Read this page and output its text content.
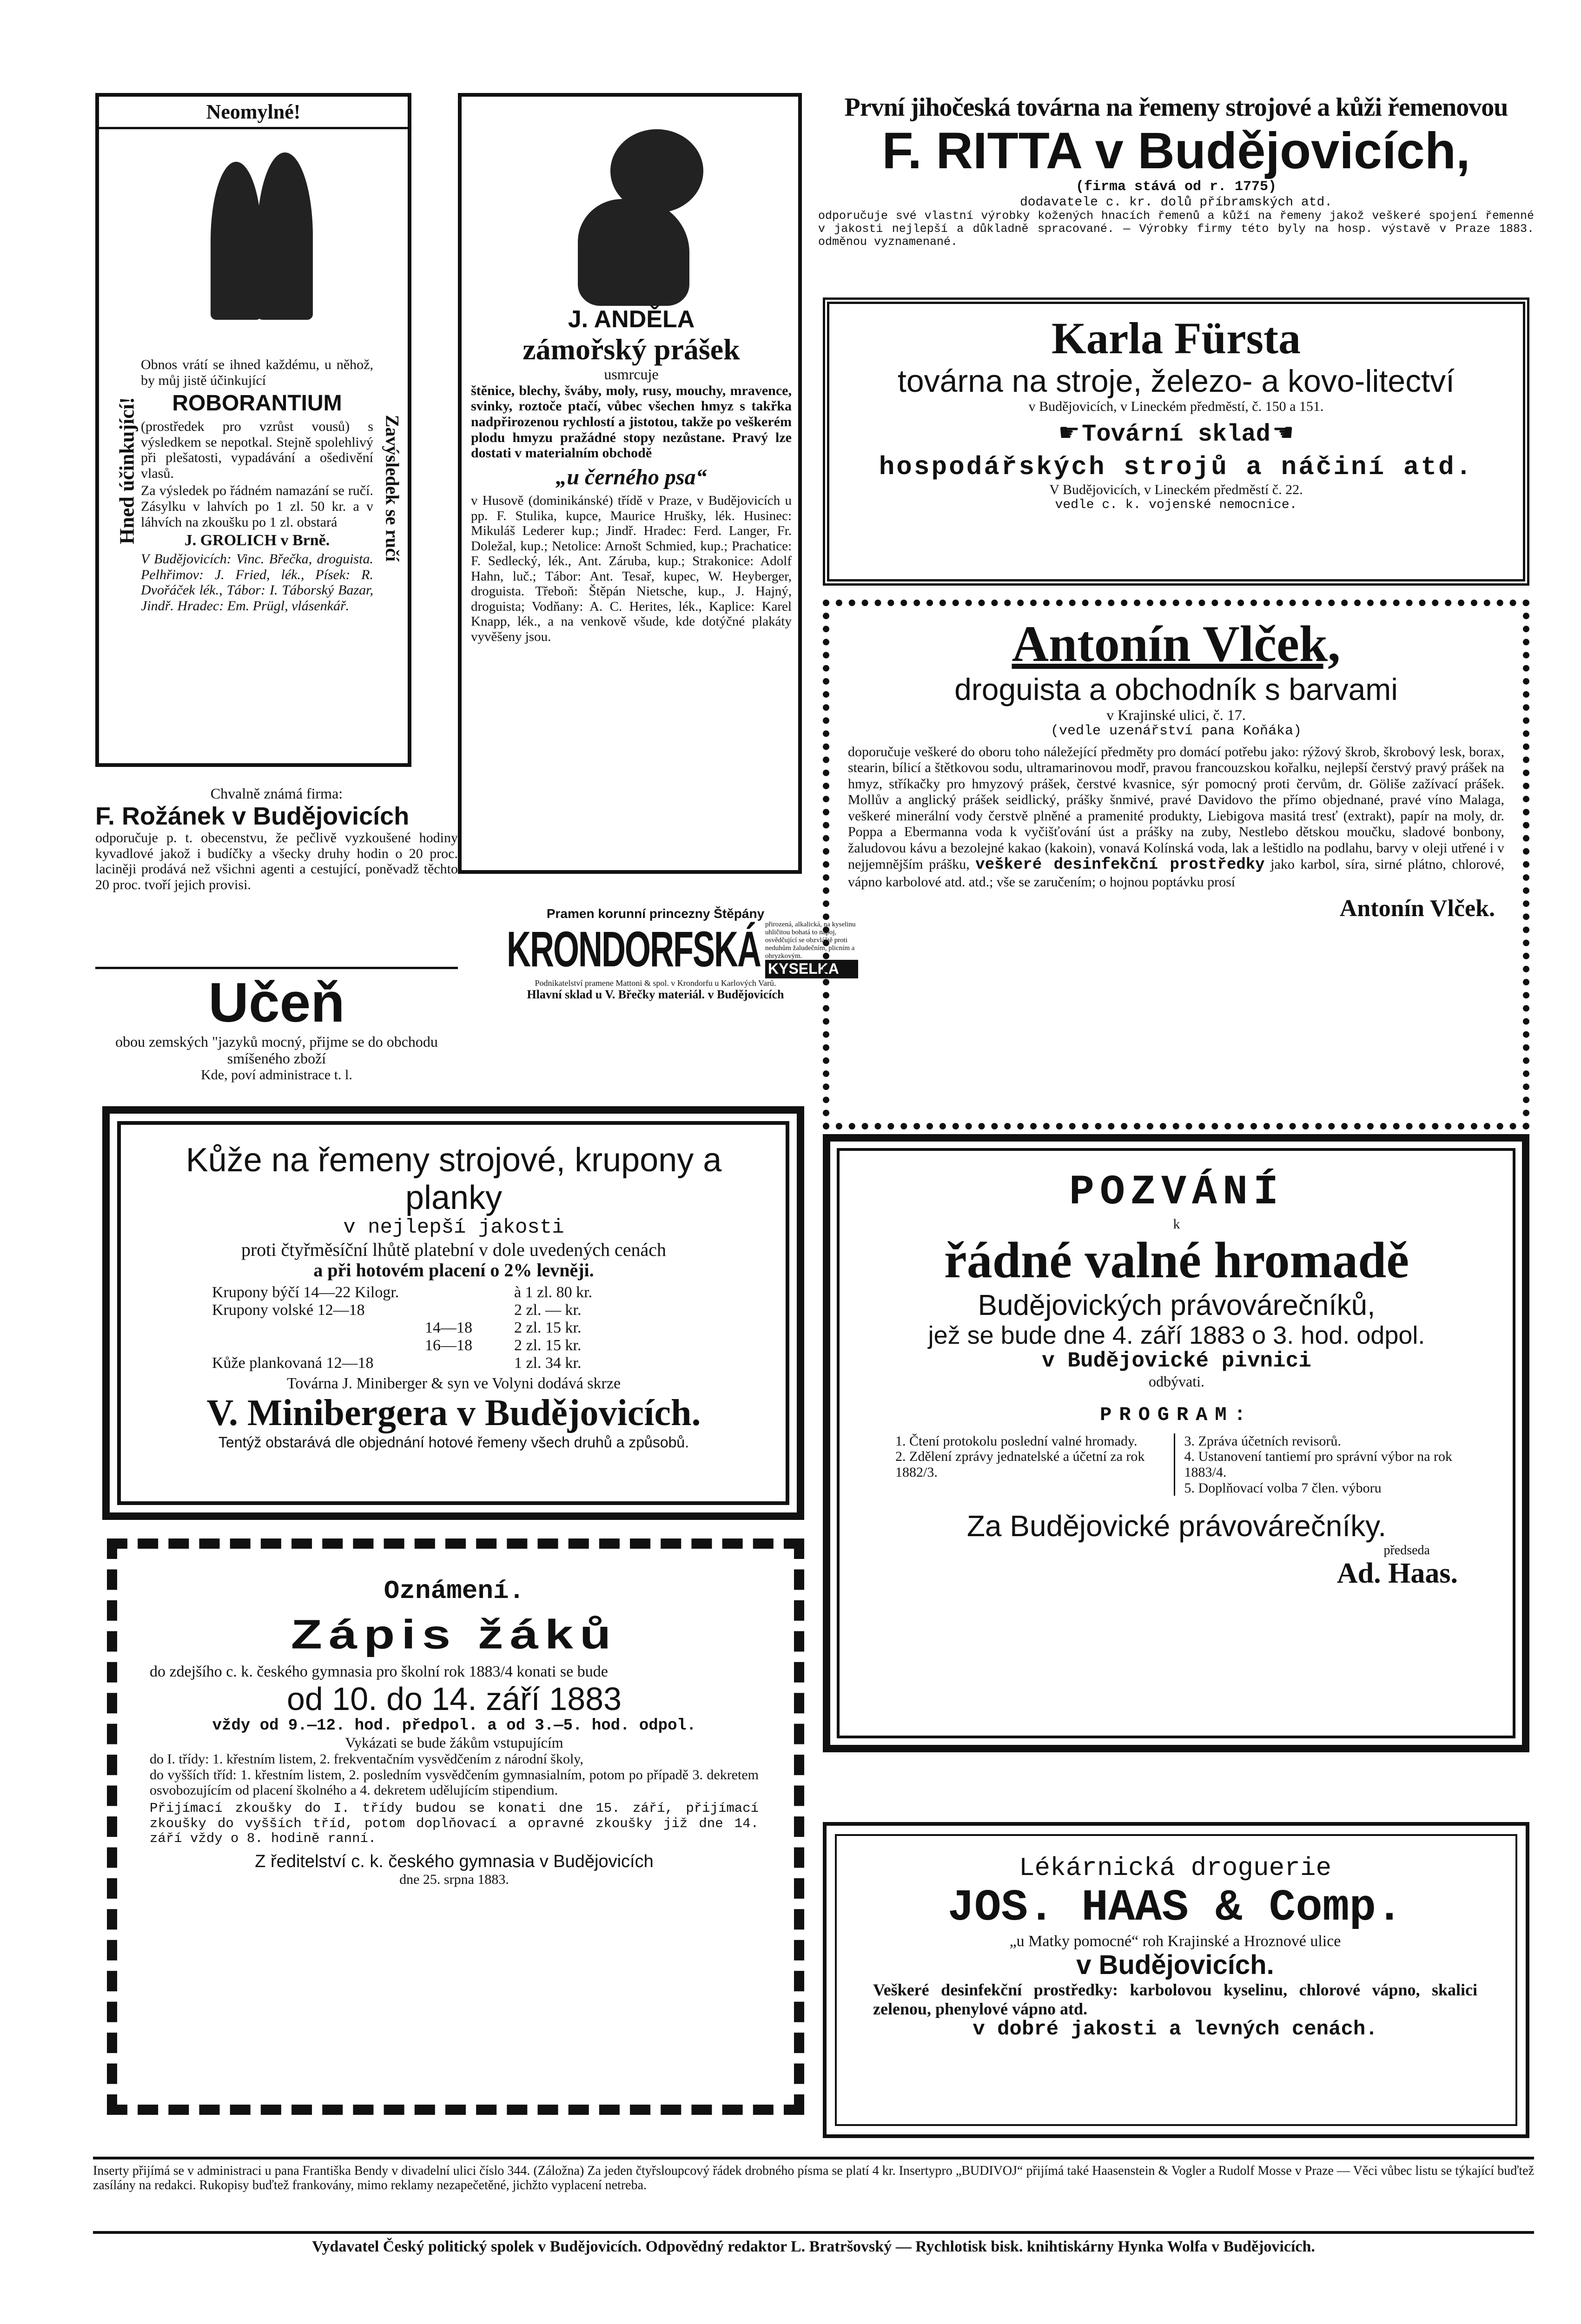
Neomylné!
Hned účinkující!	Zavýsledek se ručí
Obnos vrátí se ihned každému, u něhož, by můj jistě účinkující
ROBORANTIUM
(prostředek pro vzrůst vousů) s výsledkem se nepotkal. Stejně spolehlivý při plešatosti, vypadávání a ošedivění vlasů.
Za výsledek po řádném namazání se ručí. Zásylku v lahvích po 1 zl. 50 kr. a v láhvích na zkoušku po 1 zl. obstará
J. GROLICH v Brně.
V Budějovicích: Vinc. Břečka, droguista. Pelhřimov: J. Fried, lék., Písek: R. Dvořáček lék., Tábor: I. Táborský Bazar, Jindř. Hradec: Em. Prügl, vlásenkář.
Chvalně známá firma:
F. Rožánek v Budějovicích
odporučuje p. t. obecenstvu, že pečlivě vyzkoušené hodiny kyvadlové jakož i budíčky a všecky druhy hodin o 20 proc. laciněji prodává než všichni agenti a cestující, poněvadž těchto 20 proc. tvoří jejich provisi.
Učeň
obou zemských "jazyků mocný, přijme se do obchodu smíšeného zboží
Kde, poví administrace t. l.
J. ANDĚLA
zámořský prášek
usmrcuje
štěnice, blechy, šváby, moly, rusy, mouchy, mravence, svinky, roztoče ptačí, vůbec všechen hmyz s takřka nadpřirozenou rychlostí a jistotou, takže po veškerém plodu hmyzu pražádné stopy nezůstane. Pravý lze dostati v materialním obchodě
„u černého psa“
v Husově (dominikánské) třídě v Praze, v Budějovicích u pp. F. Stulika, kupce, Maurice Hrušky, lék. Husinec: Mikuláš Lederer kup.; Jindř. Hradec: Ferd. Langer, Fr. Doležal, kup.; Netolice: Arnošt Schmied, kup.; Prachatice: F. Sedlecký, lék., Ant. Záruba, kup.; Strakonice: Adolf Hahn, luč.; Tábor: Ant. Tesař, kupec, W. Heyberger, droguista. Třeboň: Štěpán Nietsche, kup., J. Hajný, droguista; Vodňany: A. C. Herites, lék., Kaplice: Karel Knapp, lék., a na venkově všude, kde dotýčné plakáty vyvěšeny jsou.
Pramen korunní princezny Štěpány
KRONDORFSKÁ přirozená, alkalická, na kyselinu uhličitou bohatá to nápoj, osvědčující se obzvláště proti neduhům žaludečním, plicním a ohryzkovým.
KYSELKA
Podnikatelství pramene Mattoni & spol. v Krondorfu u Karlových Varů.
Hlavní sklad u V. Břečky materiál. v Budějovicích
První jihočeská továrna na řemeny strojové a kůži řemenovou
F. RITTA v Budějovicích,
(firma stává od r. 1775)
dodavatele c. kr. dolů příbramských atd.
odporučuje své vlastní výrobky kožených hnacích řemenů a kůží na řemeny jakož veškeré spojení řemenné v jakosti nejlepší a důkladně spracované. — Výrobky firmy této byly na hosp. výstavě v Praze 1883. odměnou vyznamenané.
Karla Fürsta
továrna na stroje, železo- a kovo-litectví
v Budějovicích, v Lineckém předměstí, č. 150 a 151.
☛ Tovární sklad ☚
hospodářských strojů a náčiní atd.
V Budějovicích, v Lineckém předměstí č. 22.
vedle c. k. vojenské nemocnice.
Antonín Vlček,
droguista a obchodník s barvami
v Krajinské ulici, č. 17.
(vedle uzenářství pana Koňáka)
doporučuje veškeré do oboru toho náležející předměty pro domácí potřebu jako: rýžový škrob, škrobový lesk, borax, stearin, bílicí a štětkovou sodu, ultramarinovou modř, pravou francouzskou kořalku, nejlepší čerstvý pravý prášek na hmyz, stříkačky pro hmyzový prášek, čerstvé kvasnice, sýr pomocný proti červům, dr. Göliše zažívací prášek. Mollův a anglický prášek seidlický, prášky šnmivé, pravé Davidovo the přímo objednané, pravé víno Malaga, veškeré minerální vody čerstvě plněné a pramenité produkty, Liebigova masitá tresť (extrakt), papír na moly, dr. Poppa a Ebermanna voda k vyčišťování úst a prášky na zuby, Nestlebo dětskou moučku, sladové bonbony, žaludovou kávu a bezolejné kakao (kakoin), vonavá Kolínská voda, lak a leštidlo na podlahu, barvy v oleji utřené i v nejjemnějším prášku, veškeré desinfekční prostředky jako karbol, síra, sirné plátno, chlorové, vápno karbolové atd. atd.; vše se zaručením; o hojnou poptávku prosí
Antonín Vlček.
Kůže na řemeny strojové, krupony a planky
v nejlepší jakosti
proti čtyřměsíční lhůtě platební v dole uvedených cenách
a při hotovém placení o 2% levněji.
Krupony býčí 14—22 Kilogr.	à 1 zl. 80 kr.
Krupony volské 12—18	2 zl. — kr.
14—18	2 zl. 15 kr.
16—18	2 zl. 15 kr.
Kůže plankovaná 12—18	1 zl. 34 kr.
Továrna J. Miniberger & syn ve Volyni dodává skrze
V. Minibergera v Budějovicích.
Tentýž obstarává dle objednání hotové řemeny všech druhů a způsobů.
POZVÁNÍ
k
řádné valné hromadě
Budějovických právovárečníků,
jež se bude dne 4. září 1883 o 3. hod. odpol.
v Budějovické pivnici
odbývati.
PROGRAM:
1. Čtení protokolu poslední valné hromady.
2. Zdělení zprávy jednatelské a účetní za rok 1882/3.
3. Zpráva účetních revisorů.
4. Ustanovení tantiemí pro správní výbor na rok 1883/4.
5. Doplňovací volba 7 člen. výboru
Za Budějovické právovárečníky.
předseda
Ad. Haas.
Oznámení.
Zápis žáků
do zdejšího c. k. českého gymnasia pro školní rok 1883/4 konati se bude
od 10. do 14. září 1883
vždy od 9.—12. hod. předpol. a od 3.—5. hod. odpol.
Vykázati se bude žákům vstupujícím
do I. třídy: 1. křestním listem, 2. frekventačním vysvědčením z národní školy,
do vyšších tříd: 1. křestním listem, 2. posledním vysvědčením gymnasialním, potom po případě 3. dekretem osvobozujícím od placení školného a 4. dekretem udělujícím stipendium.
Přijímací zkoušky do I. třídy budou se konati dne 15. září, přijímací zkoušky do vyšších tříd, potom doplňovací a opravné zkoušky již dne 14. září vždy o 8. hodině ranní.
Z ředitelství c. k. českého gymnasia v Budějovicích
dne 25. srpna 1883.	Lékárnická droguerie
JOS. HAAS & Comp.
„u Matky pomocné“ roh Krajinské a Hroznové ulice
v Budějovicích.
Veškeré desinfekční prostředky: karbolovou kyselinu, chlorové vápno, skalici zelenou, phenylové vápno atd.
v dobré jakosti a levných cenách.
Inserty přijímá se v administraci u pana Františka Bendy v divadelní ulici číslo 344. (Záložna) Za jeden čtyřsloupcový řádek drobného písma se platí 4 kr. Insertypro „BUDIVOJ“ přijímá také Haasenstein & Vogler a Rudolf Mosse v Praze — Věci vůbec listu se týkající buďtež zasílány na redakci. Rukopisy buďtež frankovány, mimo reklamy nezapečetěné, jichžto vyplacení netreba.
Vydavatel Český politický spolek v Budějovicích. Odpovědný redaktor L. Bratršovský — Rychlotisk bisk. knihtiskárny Hynka Wolfa v Budějovicích.
